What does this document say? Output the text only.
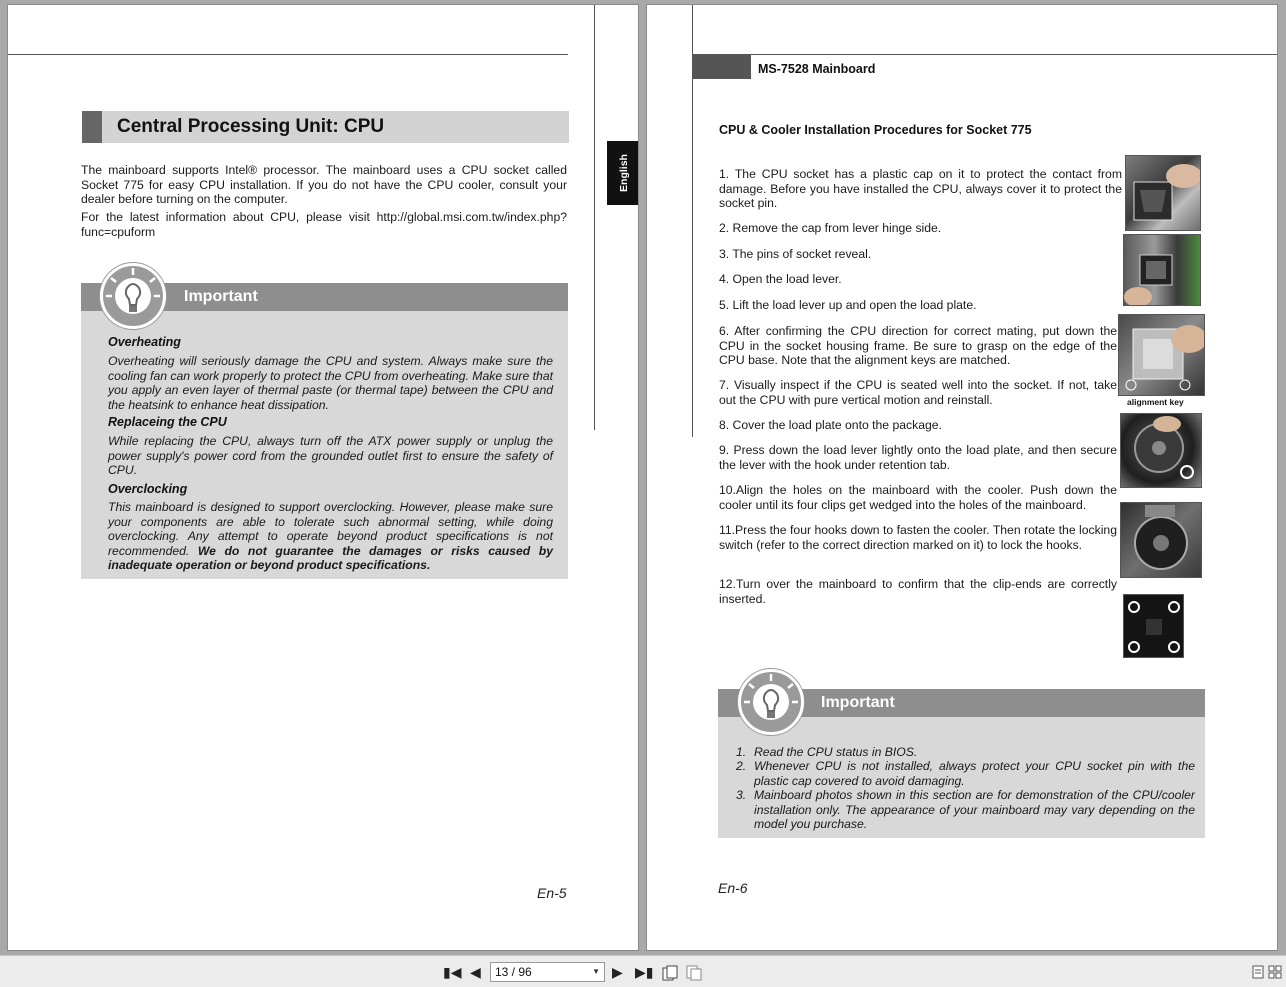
Central Processing Unit: CPU
The mainboard supports Intel® processor. The mainboard uses a CPU socket called Socket 775 for easy CPU installation. If you do not have the CPU cooler, consult your dealer before turning on the computer.
For the latest information about CPU, please visit http://global.msi.com.tw/index.php?func=cpuform
Important
Overheating
Overheating will seriously damage the CPU and system. Always make sure the cooling fan can work properly to protect the CPU from overheating. Make sure that you apply an even layer of thermal paste (or thermal tape) between the CPU and the heatsink to enhance heat dissipation.
Replaceing the CPU
While replacing the CPU, always turn off the ATX power supply or unplug the power supply's power cord from the grounded outlet first to ensure the safety of CPU.
Overclocking
This mainboard is designed to support overclocking. However, please make sure your components are able to tolerate such abnormal setting, while doing overclocking. Any attempt to operate beyond product specifications is not recommended. We do not guarantee the damages or risks caused by inadequate operation or beyond product specifications.
En-5
English
MS-7528 Mainboard
CPU & Cooler Installation Procedures for Socket 775
1. The CPU socket has a plastic cap on it to protect the contact from damage. Before you have installed the CPU, always cover it to protect the socket pin.
2. Remove the cap from lever hinge side.
3. The pins of socket reveal.
4. Open the load lever.
5. Lift the load lever up and open the load plate.
6. After confirming the CPU direction for correct mating, put down the CPU in the socket housing frame. Be sure to grasp on the edge of the CPU base. Note that the alignment keys are matched.
7. Visually inspect if the CPU is seated well into the socket. If not, take out the CPU with pure vertical motion and reinstall.
8. Cover the load plate onto the package.
9. Press down the load lever lightly onto the load plate, and then secure the lever with the hook under retention tab.
10.Align the holes on the mainboard with the cooler. Push down the cooler until its four clips get wedged into the holes of the mainboard.
11.Press the four hooks down to fasten the cooler. Then rotate the locking switch (refer to the correct direction marked on it) to lock the hooks.
12.Turn over the mainboard to confirm that the clip-ends are correctly inserted.
alignment key
Important
1. Read the CPU status in BIOS.
2. Whenever CPU is not installed, always protect your CPU socket pin with the plastic cap covered to avoid damaging.
3. Mainboard photos shown in this section are for demonstration of the CPU/cooler installation only. The appearance of your mainboard may vary depending on the model you purchase.
En-6
▮◀ ◀	13 / 96	▼ ▶ ▶▮
